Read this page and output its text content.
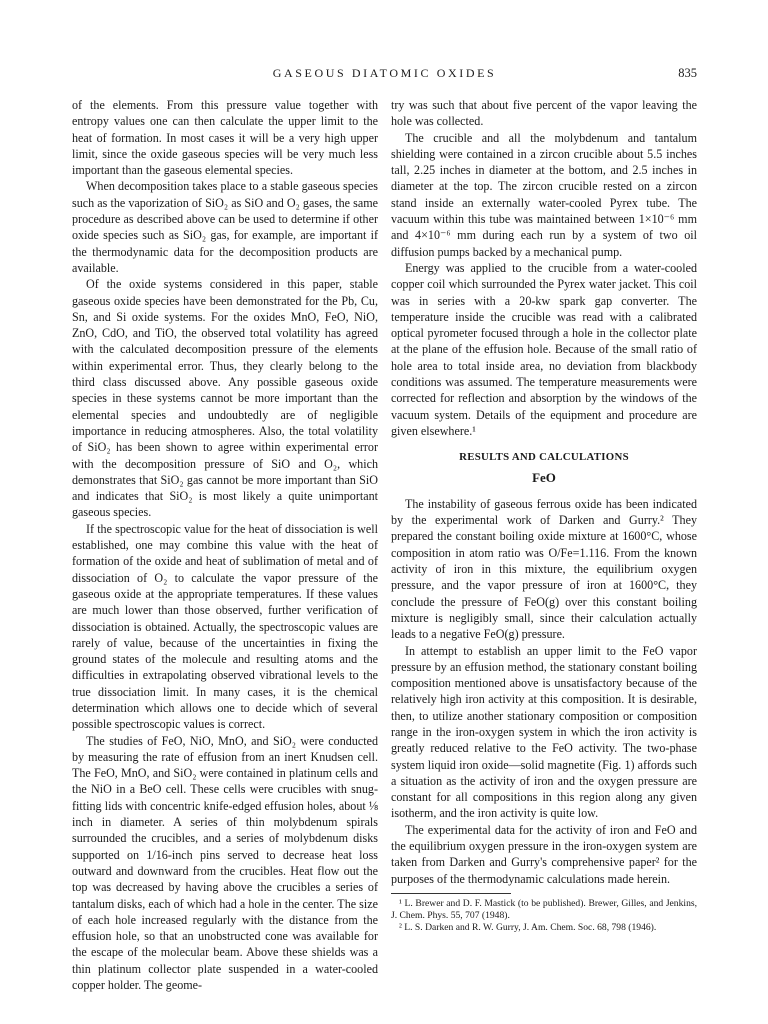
GASEOUS DIATOMIC OXIDES	835

of the elements. From this pressure value together with entropy values one can then calculate the upper limit to the heat of formation. In most cases it will be a very high upper limit, since the oxide gaseous species will be very much less important than the gaseous elemental species.

When decomposition takes place to a stable gaseous species such as the vaporization of SiO₂ as SiO and O₂ gases, the same procedure as described above can be used to determine if other oxide species such as SiO₂ gas, for example, are important if the thermodynamic data for the decomposition products are available.

Of the oxide systems considered in this paper, stable gaseous oxide species have been demonstrated for the Pb, Cu, Sn, and Si oxide systems. For the oxides MnO, FeO, NiO, ZnO, CdO, and TiO, the observed total volatility has agreed with the calculated decomposition pressure of the elements within experimental error. Thus, they clearly belong to the third class discussed above. Any possible gaseous oxide species in these systems cannot be more important than the elemental species and undoubtedly are of negligible importance in reducing atmospheres. Also, the total volatility of SiO₂ has been shown to agree within experimental error with the decomposition pressure of SiO and O₂, which demonstrates that SiO₂ gas cannot be more important than SiO and indicates that SiO₂ is most likely a quite unimportant gaseous species.

If the spectroscopic value for the heat of dissociation is well established, one may combine this value with the heat of formation of the oxide and heat of sublimation of metal and of dissociation of O₂ to calculate the vapor pressure of the gaseous oxide at the appropriate temperatures. If these values are much lower than those observed, further verification of dissociation is obtained. Actually, the spectroscopic values are rarely of value, because of the uncertainties in fixing the ground states of the molecule and resulting atoms and the difficulties in extrapolating observed vibrational levels to the true dissociation limit. In many cases, it is the chemical determination which allows one to decide which of several possible spectroscopic values is correct.

The studies of FeO, NiO, MnO, and SiO₂ were conducted by measuring the rate of effusion from an inert Knudsen cell. The FeO, MnO, and SiO₂ were contained in platinum cells and the NiO in a BeO cell. These cells were crucibles with snug-fitting lids with concentric knife-edged effusion holes, about ⅛ inch in diameter. A series of thin molybdenum spirals surrounded the crucibles, and a series of molybdenum disks supported on 1/16-inch pins served to decrease heat loss outward and downward from the crucibles. Heat flow out the top was decreased by having above the crucibles a series of tantalum disks, each of which had a hole in the center. The size of each hole increased regularly with the distance from the effusion hole, so that an unobstructed cone was available for the escape of the molecular beam. Above these shields was a thin platinum collector plate suspended in a water-cooled copper holder. The geome-

try was such that about five percent of the vapor leaving the hole was collected.

The crucible and all the molybdenum and tantalum shielding were contained in a zircon crucible about 5.5 inches tall, 2.25 inches in diameter at the bottom, and 2.5 inches in diameter at the top. The zircon crucible rested on a zircon stand inside an externally water-cooled Pyrex tube. The vacuum within this tube was maintained between 1×10⁻⁶ mm and 4×10⁻⁶ mm during each run by a system of two oil diffusion pumps backed by a mechanical pump.

Energy was applied to the crucible from a water-cooled copper coil which surrounded the Pyrex water jacket. This coil was in series with a 20-kw spark gap converter. The temperature inside the crucible was read with a calibrated optical pyrometer focused through a hole in the collector plate at the plane of the effusion hole. Because of the small ratio of hole area to total inside area, no deviation from blackbody conditions was assumed. The temperature measurements were corrected for reflection and absorption by the windows of the vacuum system. Details of the equipment and procedure are given elsewhere.¹

RESULTS AND CALCULATIONS
FeO

The instability of gaseous ferrous oxide has been indicated by the experimental work of Darken and Gurry.² They prepared the constant boiling oxide mixture at 1600°C, whose composition in atom ratio was O/Fe=1.116. From the known activity of iron in this mixture, the equilibrium oxygen pressure, and the vapor pressure of iron at 1600°C, they conclude the pressure of FeO(g) over this constant boiling mixture is negligibly small, since their calculation actually leads to a negative FeO(g) pressure.

In attempt to establish an upper limit to the FeO vapor pressure by an effusion method, the stationary constant boiling composition mentioned above is unsatisfactory because of the relatively high iron activity at this composition. It is desirable, then, to utilize another stationary composition or composition range in the iron-oxygen system in which the iron activity is greatly reduced relative to the FeO activity. The two-phase system liquid iron oxide—solid magnetite (Fig. 1) affords such a situation as the activity of iron and the oxygen pressure are constant for all compositions in this region along any given isotherm, and the iron activity is quite low.

The experimental data for the activity of iron and FeO and the equilibrium oxygen pressure in the iron-oxygen system are taken from Darken and Gurry's comprehensive paper² for the purposes of the thermodynamic calculations made herein.

¹ L. Brewer and D. F. Mastick (to be published). Brewer, Gilles, and Jenkins, J. Chem. Phys. 55, 707 (1948).

² L. S. Darken and R. W. Gurry, J. Am. Chem. Soc. 68, 798 (1946).
